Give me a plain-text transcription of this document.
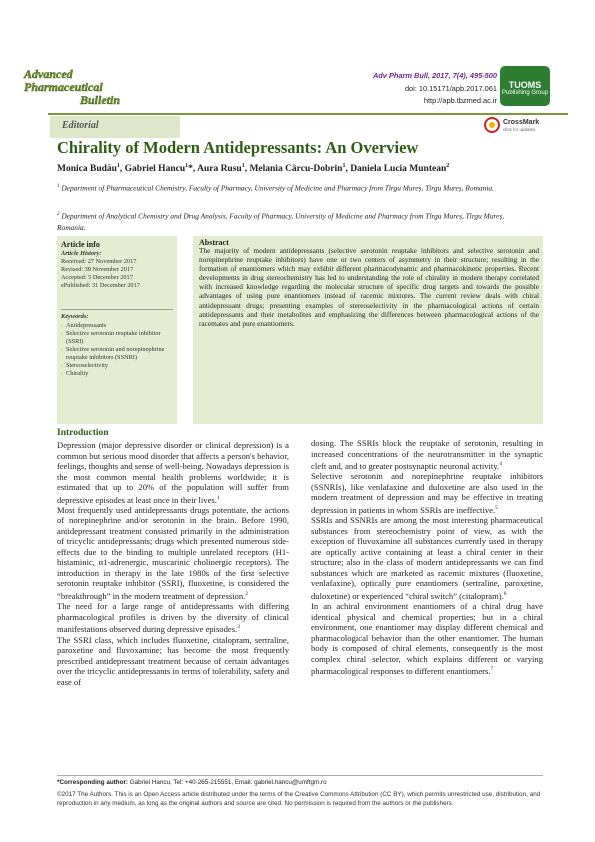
Advanced
Pharmaceutical
Bulletin
Adv Pharm Bull, 2017, 7(4), 495-500
doi: 10.15171/apb.2017.061
http://apb.tbzmed.ac.ir
TUOMS
Publishing Group
Editorial	CrossMark
click for updates
Chirality of Modern Antidepressants: An Overview
Monica Budău$^1$, Gabriel Hancu$^1$*, Aura Rusu$^1$, Melania Cârcu-Dobrin$^1$, Daniela Lucia Muntean$^2$
$^1$ Department of Pharmaceutical Chemistry, Faculty of Pharmacy, University of Medicine and Pharmacy from Tîrgu Mureș, Tîrgu Mureș, Romania.
$^2$ Department of Analytical Chemistry and Drug Analysis, Faculty of Pharmacy, University of Medicine and Pharmacy from Tîrgu Mureș, Tîrgu Mureș, Romania.
Article info
Article History:
Received: 27 November 2017
Revised: 30 November 2017
Accepted: 5 December 2017
ePublished: 31 December 2017
Keywords:
· Antidepressants
· Selective serotonin reuptake inhibitor (SSRI)
· Selective serotonin and norepinephrine reuptake inhibitors (SSNRI)
· Stereoselectivity
· Chirality
Abstract
The majority of modern antidepressants (selective serotonin reuptake inhibitors and selective serotonin and norepinephrine reuptake inhibitors) have one or two centers of asymmetry in their structure; resulting in the formation of enantiomers which may exhibit different pharmacodynamic and pharmacokinetic properties. Recent developments in drug stereochemistry has led to understanding the role of chirality in modern therapy correlated with increased knowledge regarding the molecular structure of specific drug targets and towards the possible advantages of using pure enantiomers instead of racemic mixtures. The current review deals with chiral antidepressant drugs; presenting examples of stereoselectivity in the pharmacological actions of certain antidepressants and their metabolites and emphasizing the differences between pharmacological actions of the racemates and pure enantiomers.
Introduction

Depression (major depressive disorder or clinical depression) is a common but serious mood disorder that affects a person's behavior, feelings, thoughts and sense of well-being. Nowadays depression is the most common mental health problems worldwide; it is estimated that up to 20% of the population will suffer from depressive episodes at least once in their lives.$^1$

Most frequently used antidepressants drugs potentiate, the actions of norepinephrine and/or serotonin in the brain. Before 1990, antidepressant treatment consisted primarily in the administration of tricyclic antidepressants; drugs which presented numerous side-effects due to the binding to multiple unrelated receptors (H1-histaminic, α1-adrenergic, muscarinic cholinergic receptors). The introduction in therapy in the late 1980s of the first selective serotonin reuptake inhibitor (SSRI), fluoxetine, is considered the “breakthrough” in the modern treatment of depression.$^2$

The need for a large range of antidepressants with differing pharmacological profiles is driven by the diversity of clinical manifestations observed during depressive episodes.$^3$

The SSRI class, which includes fluoxetine, citalopram, sertraline, paroxetine and fluvoxamine; has become the most frequently prescribed antidepressant treatment because of certain advantages over the tricyclic antidepressants in terms of tolerability, safety and ease of

dosing. The SSRIs block the reuptake of serotonin, resulting in increased concentrations of the neurotransmitter in the synaptic cleft and, and to greater postsynaptic neuronal activity.$^4$

Selective serotonin and norepinephrine reuptake inhibitors (SSNRIs), like venlafaxine and duloxetine are also used in the modern treatment of depression and may be effective in treating depression in patients in whom SSRIs are ineffective.$^5$

SSRIs and SSNRIs are among the most interesting pharmaceutical substances from stereochemistry point of view, as with the exception of fluvoxamine all substances currently used in therapy are optically active containing at least a chiral center in their structure; also in the class of modern antidepressants we can find substances which are marketed as racemic mixtures (fluoxetine, venlafaxine), optically pure enantiomers (sertraline, paroxetine, duloxetine) or experienced “chiral switch” (citalopram).$^6$

In an achiral environment enantiomers of a chiral drug have identical physical and chemical properties; but in a chiral environment, one enantiomer may display different chemical and pharmacological behavior than the other enantiomer. The human body is composed of chiral elements, consequently is the most complex chiral selector, which explains different or varying pharmacological responses to different enantiomers.$^7$

*Corresponding author: Gabriel Hancu, Tel: +40-265-215551, Email: gabriel.hancu@umftgm.ro
©2017 The Authors. This is an Open Access article distributed under the terms of the Creative Commons Attribution (CC BY), which permits unrestricted use, distribution, and reproduction in any medium, as long as the original authors and source are cited. No permission is required from the authors or the publishers.
